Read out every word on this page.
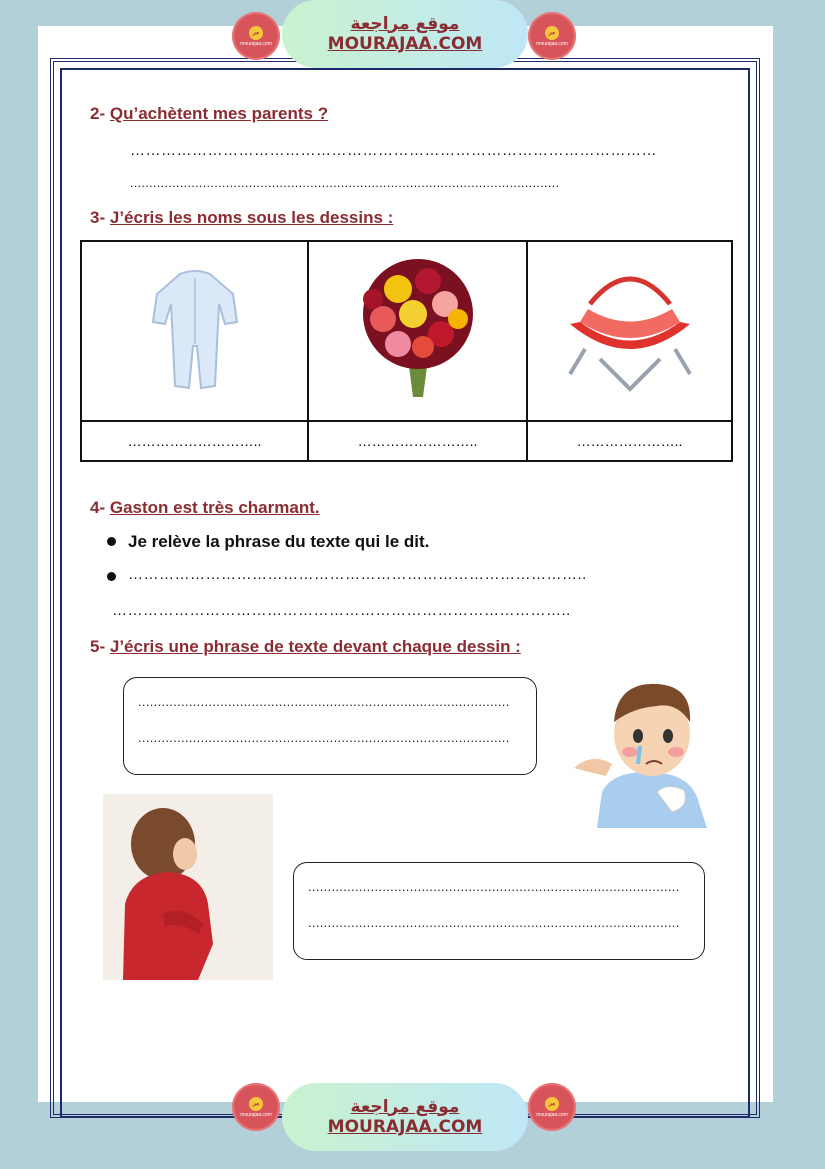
مر
mourajaa.com
موقع مراجعة
MOURAJAA.COM
مر
mourajaa.com
2- Qu’achètent mes parents ?
…………………………………………………………………………………………
................................................................................................................
3- J’écris les noms sous les dessins :

………………………..	……………………..	…………………..
4- Gaston est très charmant.
Je relève la phrase du texte qui le dit.
……………………………………………………………………………..
……………………………………………………………………………..
5- J’écris une phrase de texte devant chaque dessin :
...............................................................................................
...............................................................................................
...............................................................................................
...............................................................................................
مر
mourajaa.com	موقع مراجعة
MOURAJAA.COM
مر
mourajaa.com
